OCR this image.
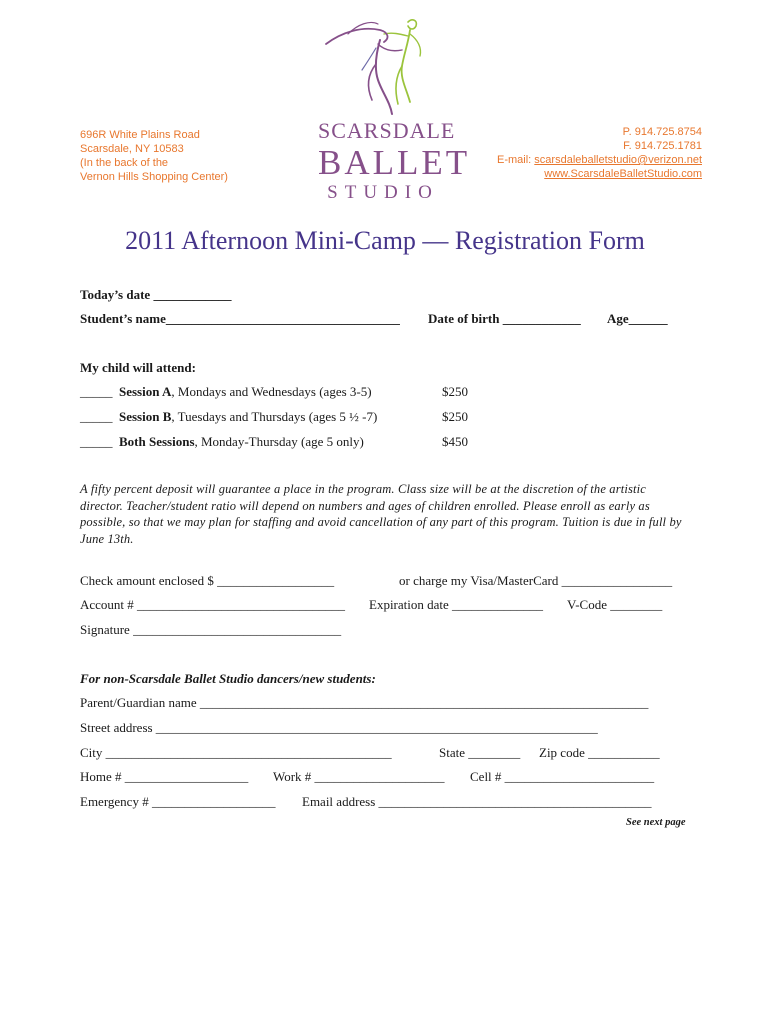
696R White Plains Road
Scarsdale, NY 10583
(In the back of the
Vernon Hills Shopping Center)
SCARSDALE
BALLET
STUDIO
P. 914.725.8754
F. 914.725.1781
E-mail: scarsdaleballetstudio@verizon.net
www.ScarsdaleBalletStudio.com
2011 Afternoon Mini-Camp — Registration Form
Today’s date ____________
Student’s name____________________________________ Date of birth ____________ Age______
My child will attend:
_____ Session A, Mondays and Wednesdays (ages 3-5)	$250
_____ Session B, Tuesdays and Thursdays (ages 5 ½ -7)	$250
_____ Both Sessions, Monday-Thursday (age 5 only)	$450
A fifty percent deposit will guarantee a place in the program. Class size will be at the discretion of the artistic director. Teacher/student ratio will depend on numbers and ages of children enrolled. Please enroll as early as possible, so that we may plan for staffing and avoid cancellation of any part of this program. Tuition is due in full by June 13th.
Check amount enclosed $ __________________	or charge my Visa/MasterCard _________________
Account # ________________________________ Expiration date ______________ V-Code ________
Signature ________________________________
For non-Scarsdale Ballet Studio dancers/new students:
Parent/Guardian name _____________________________________________________________________
Street address ____________________________________________________________________
City ____________________________________________	State ________ Zip code ___________
Home # ___________________ Work # ____________________ Cell # _______________________
Emergency # ___________________ Email address __________________________________________
See next page
